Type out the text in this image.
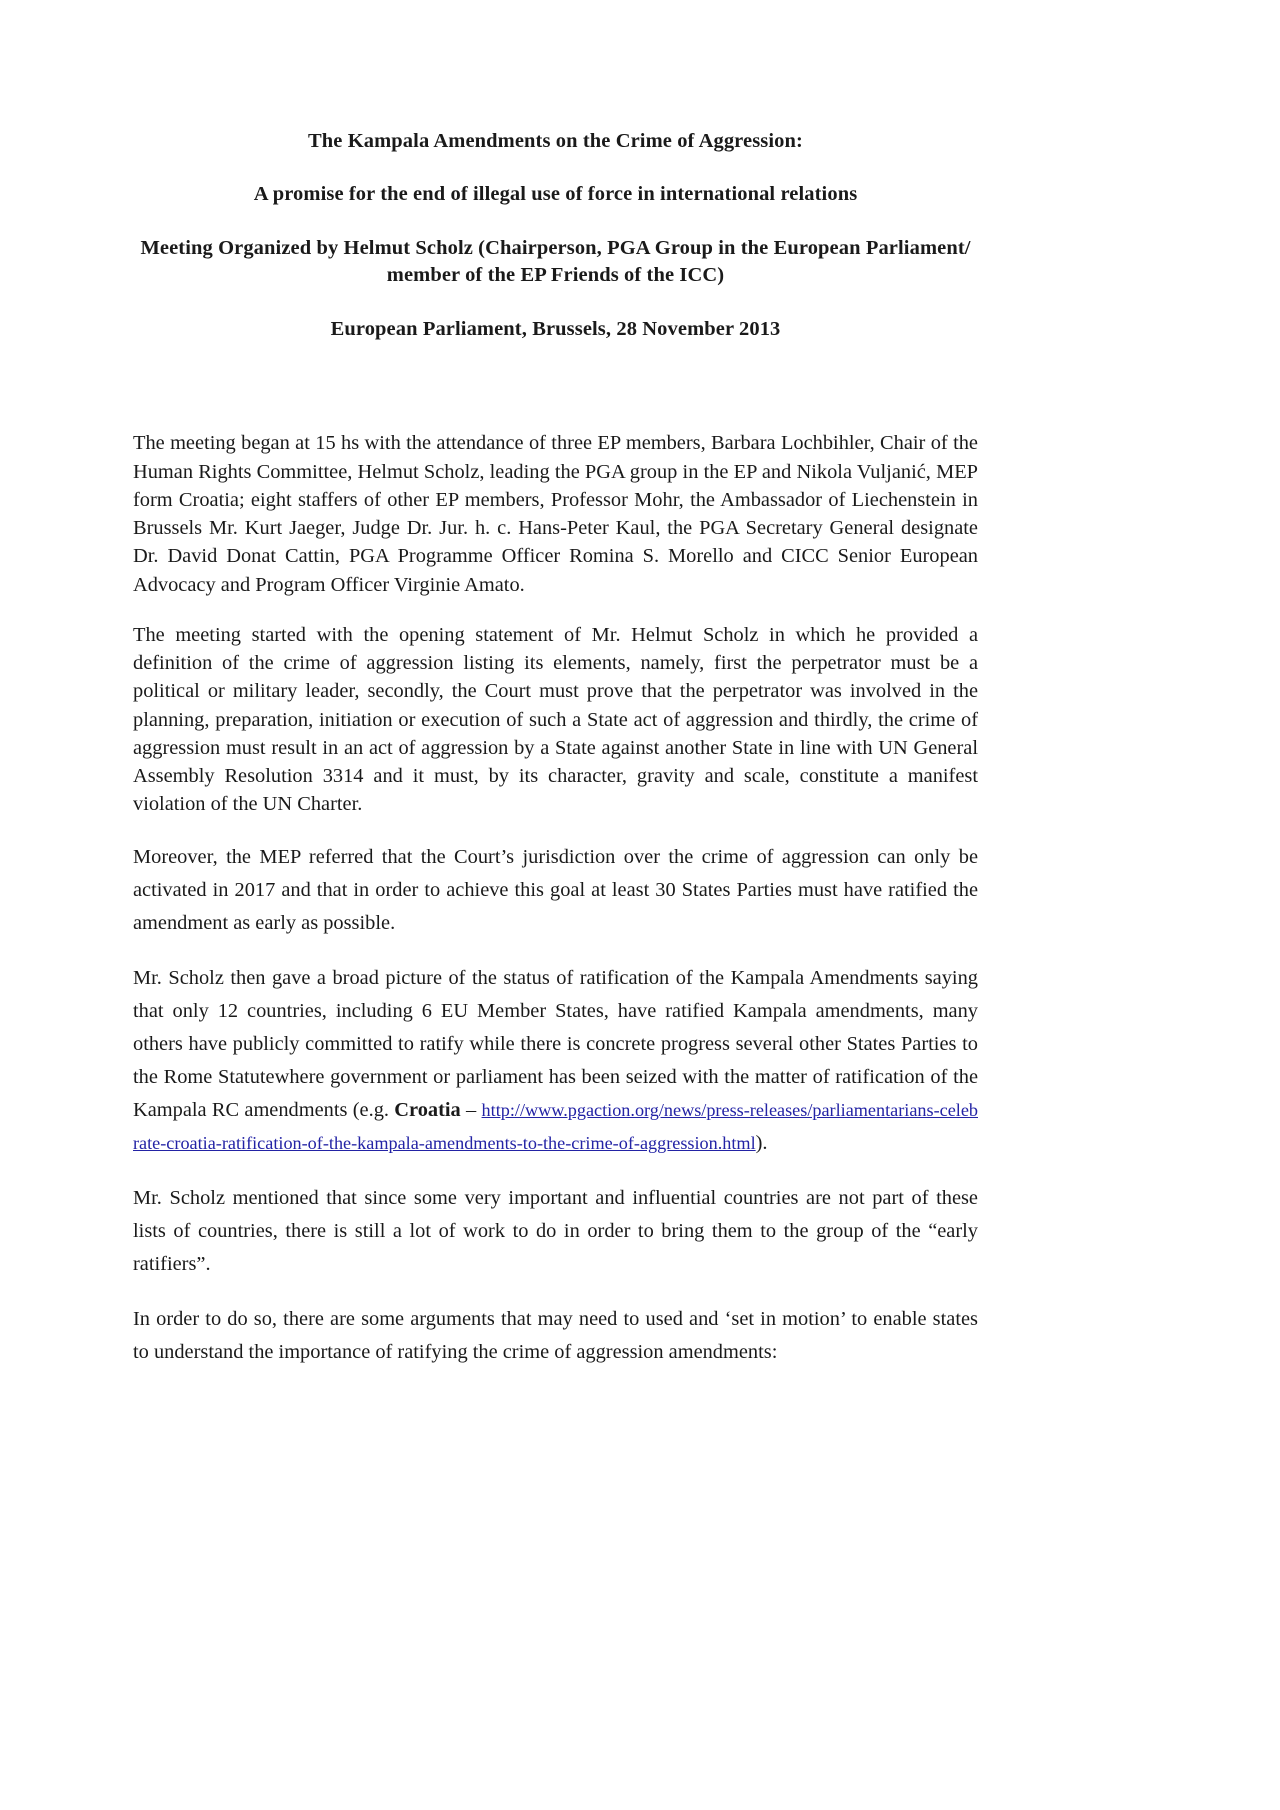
The Kampala Amendments on the Crime of Aggression:
A promise for the end of illegal use of force in international relations
Meeting Organized by Helmut Scholz (Chairperson, PGA Group in the European Parliament/ member of the EP Friends of the ICC)
European Parliament, Brussels, 28 November 2013

The meeting began at 15 hs with the attendance of three EP members, Barbara Lochbihler, Chair of the Human Rights Committee, Helmut Scholz, leading the PGA group in the EP and Nikola Vuljanić, MEP form Croatia; eight staffers of other EP members, Professor Mohr, the Ambassador of Liechenstein in Brussels Mr. Kurt Jaeger, Judge Dr. Jur. h. c. Hans-Peter Kaul, the PGA Secretary General designate Dr. David Donat Cattin, PGA Programme Officer Romina S. Morello and CICC Senior European Advocacy and Program Officer Virginie Amato.

The meeting started with the opening statement of Mr. Helmut Scholz in which he provided a definition of the crime of aggression listing its elements, namely, first the perpetrator must be a political or military leader, secondly, the Court must prove that the perpetrator was involved in the planning, preparation, initiation or execution of such a State act of aggression and thirdly, the crime of aggression must result in an act of aggression by a State against another State in line with UN General Assembly Resolution 3314 and it must, by its character, gravity and scale, constitute a manifest violation of the UN Charter.

Moreover, the MEP referred that the Court’s jurisdiction over the crime of aggression can only be activated in 2017 and that in order to achieve this goal at least 30 States Parties must have ratified the amendment as early as possible.

Mr. Scholz then gave a broad picture of the status of ratification of the Kampala Amendments saying that only 12 countries, including 6 EU Member States, have ratified Kampala amendments, many others have publicly committed to ratify while there is concrete progress several other States Parties to the Rome Statutewhere government or parliament has been seized with the matter of ratification of the Kampala RC amendments (e.g. Croatia – http://www.pgaction.org/news/press-releases/parliamentarians-celebrate-croatia-ratification-of-the-kampala-amendments-to-the-crime-of-aggression.html).

Mr. Scholz mentioned that since some very important and influential countries are not part of these lists of countries, there is still a lot of work to do in order to bring them to the group of the “early ratifiers”.

In order to do so, there are some arguments that may need to used and ‘set in motion’ to enable states to understand the importance of ratifying the crime of aggression amendments:
